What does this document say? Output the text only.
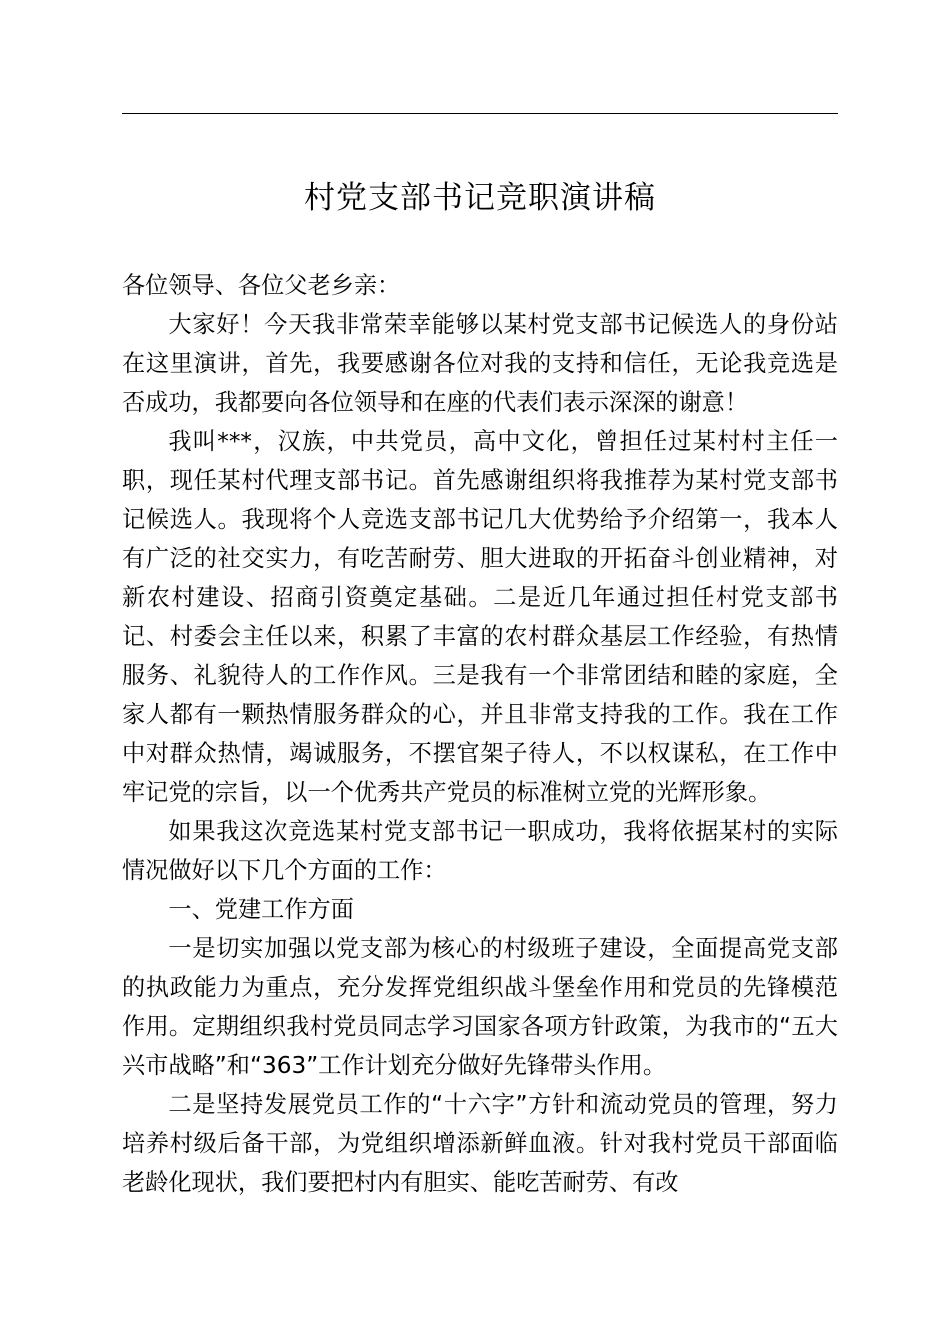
村党支部书记竞职演讲稿

各位领导、各位父老乡亲：

大家好！今天我非常荣幸能够以某村党支部书记候选人的身份站在这里演讲，首先，我要感谢各位对我的支持和信任，无论我竞选是否成功，我都要向各位领导和在座的代表们表示深深的谢意！

我叫***，汉族，中共党员，高中文化，曾担任过某村村主任一职，现任某村代理支部书记。首先感谢组织将我推荐为某村党支部书记候选人。我现将个人竞选支部书记几大优势给予介绍第一，我本人有广泛的社交实力，有吃苦耐劳、胆大进取的开拓奋斗创业精神，对新农村建设、招商引资奠定基础。二是近几年通过担任村党支部书记、村委会主任以来，积累了丰富的农村群众基层工作经验，有热情服务、礼貌待人的工作作风。三是我有一个非常团结和睦的家庭，全家人都有一颗热情服务群众的心，并且非常支持我的工作。我在工作中对群众热情，竭诚服务，不摆官架子待人，不以权谋私，在工作中牢记党的宗旨，以一个优秀共产党员的标准树立党的光辉形象。

如果我这次竞选某村党支部书记一职成功，我将依据某村的实际情况做好以下几个方面的工作：

一、党建工作方面

一是切实加强以党支部为核心的村级班子建设，全面提高党支部的执政能力为重点，充分发挥党组织战斗堡垒作用和党员的先锋模范作用。定期组织我村党员同志学习国家各项方针政策，为我市的“五大兴市战略”和“363”工作计划充分做好先锋带头作用。

二是坚持发展党员工作的“十六字”方针和流动党员的管理，努力培养村级后备干部，为党组织增添新鲜血液。针对我村党员干部面临老龄化现状，我们要把村内有胆实、能吃苦耐劳、有改
